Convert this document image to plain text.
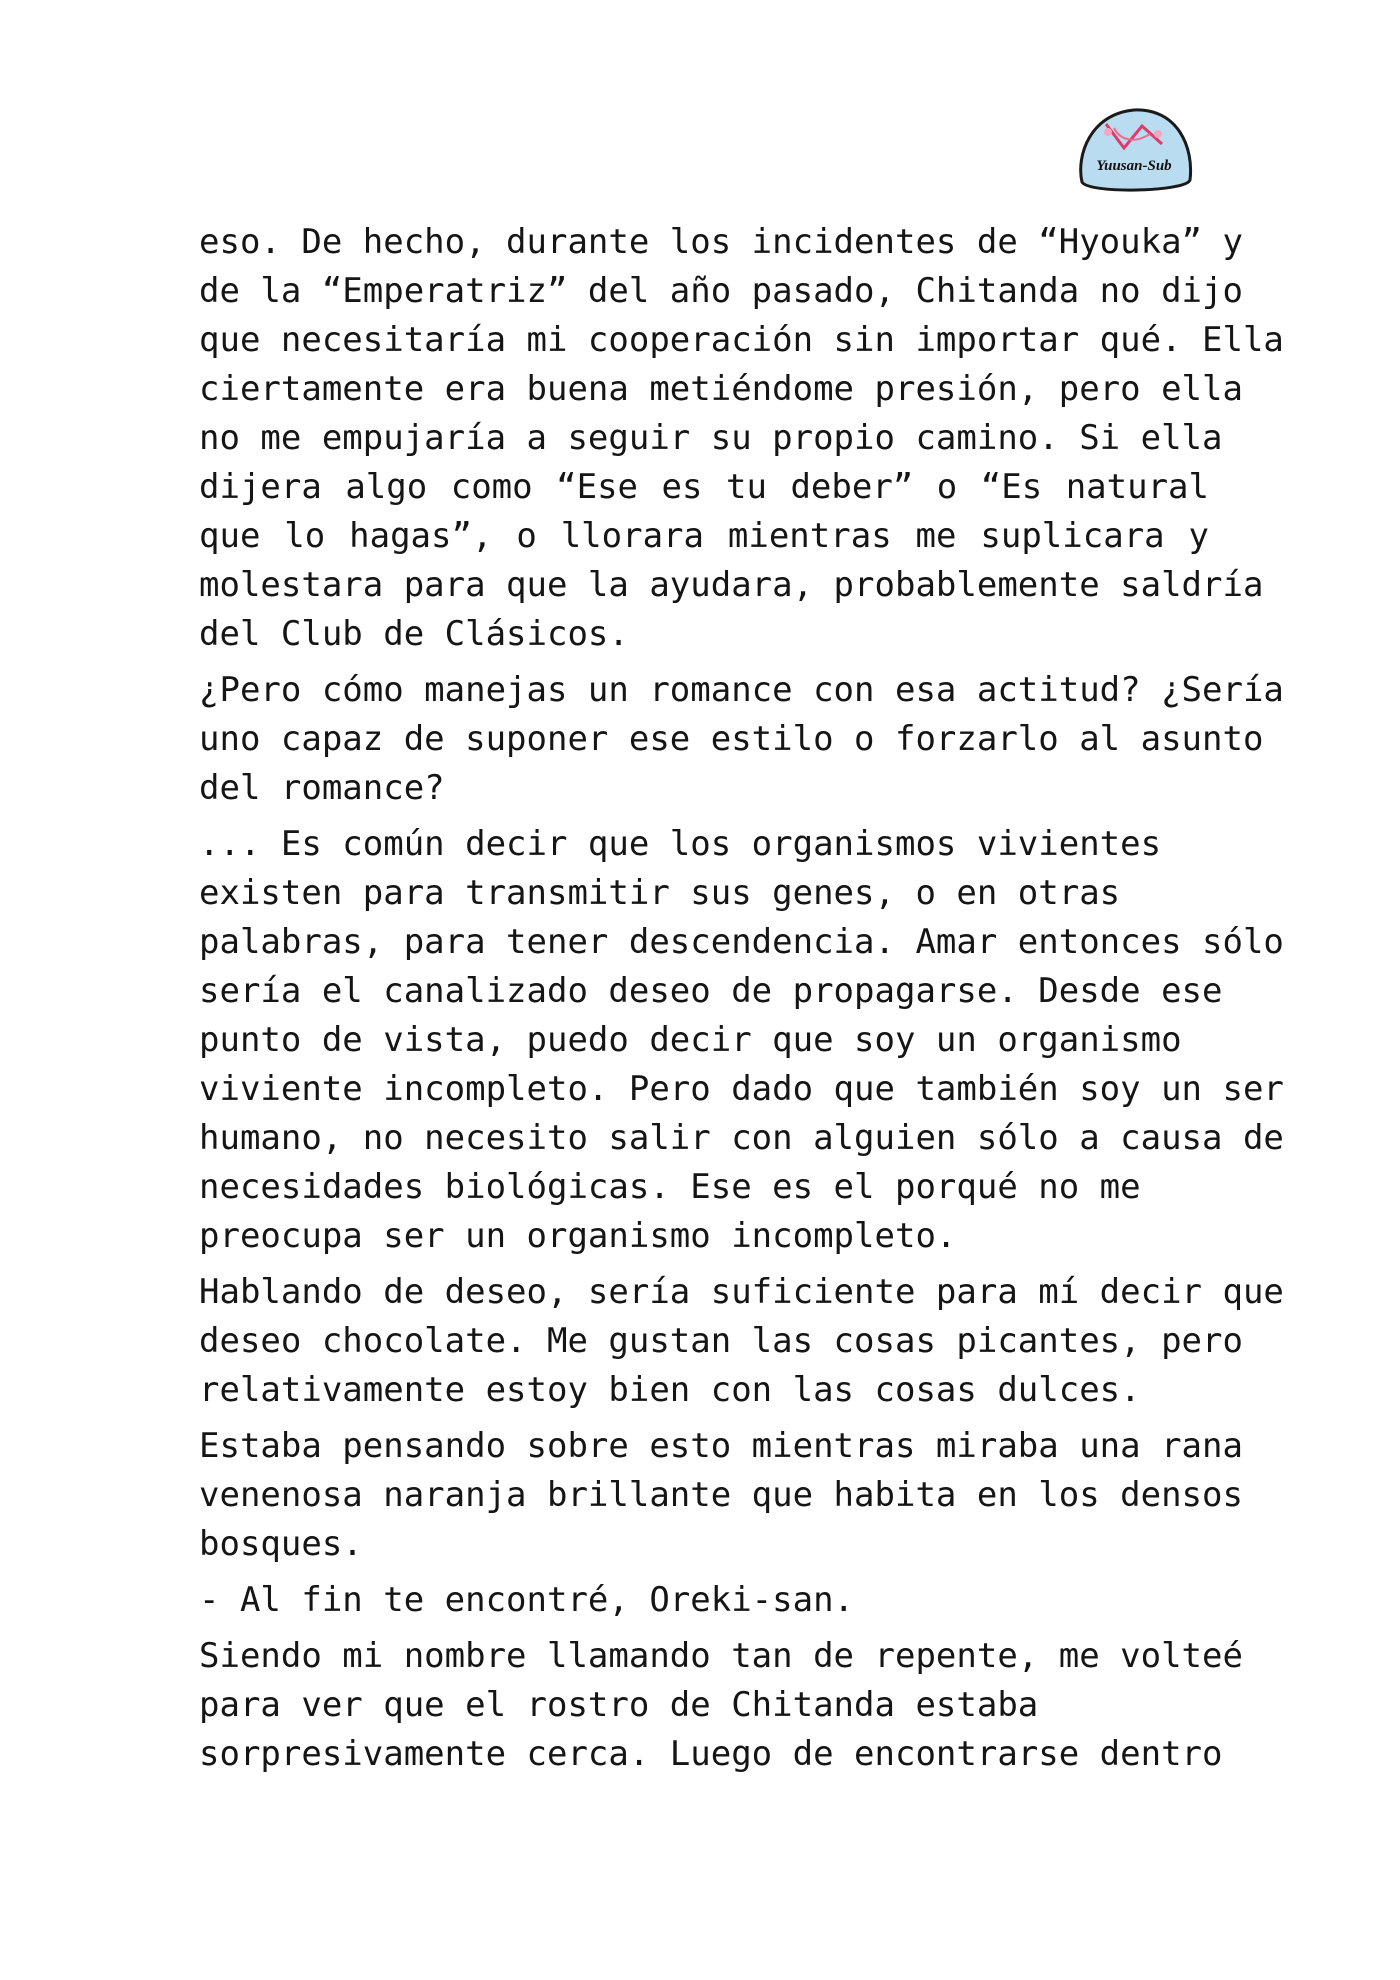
Yuusan-Sub
eso. De hecho, durante los incidentes de “Hyouka” y
de la “Emperatriz” del año pasado, Chitanda no dijo
que necesitaría mi cooperación sin importar qué. Ella
ciertamente era buena metiéndome presión, pero ella
no me empujaría a seguir su propio camino. Si ella
dijera algo como “Ese es tu deber” o “Es natural
que lo hagas”, o llorara mientras me suplicara y
molestara para que la ayudara, probablemente saldría
del Club de Clásicos.
¿Pero cómo manejas un romance con esa actitud? ¿Sería
uno capaz de suponer ese estilo o forzarlo al asunto
del romance?
... Es común decir que los organismos vivientes
existen para transmitir sus genes, o en otras
palabras, para tener descendencia. Amar entonces sólo
sería el canalizado deseo de propagarse. Desde ese
punto de vista, puedo decir que soy un organismo
viviente incompleto. Pero dado que también soy un ser
humano, no necesito salir con alguien sólo a causa de
necesidades biológicas. Ese es el porqué no me
preocupa ser un organismo incompleto.
Hablando de deseo, sería suficiente para mí decir que
deseo chocolate. Me gustan las cosas picantes, pero
relativamente estoy bien con las cosas dulces.
Estaba pensando sobre esto mientras miraba una rana
venenosa naranja brillante que habita en los densos
bosques.
- Al fin te encontré, Oreki-san.
Siendo mi nombre llamando tan de repente, me volteé
para ver que el rostro de Chitanda estaba
sorpresivamente cerca. Luego de encontrarse dentro
